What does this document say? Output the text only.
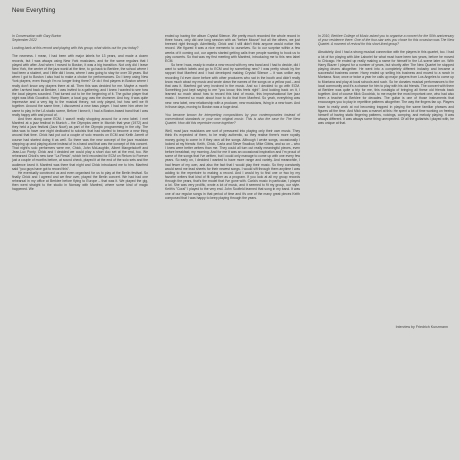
New Everything

In Conversation with Gary Burton

September 2022

Looking back at this record and playing with this group, what sticks out for you today?

The newness. I mean, I had been with major labels for 13 years, and made a dozen records, but I was always using New York musicians, and for the same regulars that I played with after. And when I moved to Boston, it was a big transition. Not only did I leave New York, the center of the jazz world at the time, to go back to Berklee, the school where I had been a student, and I little did I know, where I was going to stay for over 30 years. But when I got to Boston I also had to make a choice for performances. Do I keep using New York players, even though I'm no longer living there? Or do I find players in Boston where I really don't know any players there at all. Then this was decided for me. Maybe a month after I arrived back at Berklee, I was invited to a gathering, and I knew I wanted to see how the local players sounded. That turned out to be the beginning of it. The guitar player that night was Mick Goodrick. Harry Blazer, a local guy, was the drummer. And boy, it was quite impressive and a very big to the musical theory, not only played, but how well we fit together. Around the same time, I discovered a new bass player. I had seen him when he came to play in the LA studio scene, Before I knew it, I had a Boston-based band that I was really happy with and proud of.

And then along came ECM. I wasn't really shopping around for a new label. I met Manfred at a jazz festival in Munich – the Olympics were in Munich that year (1972) and they held a jazz festival (Jazz Now!) as part of the Olympic programming in the city. The idea was to have one night dedicated to soloists that had started to become a new thing around that time. Chick had put out a couple of solo records on ECM and Keith Jarrett of course had started doing it as well. So there was the new concept of the jazz musician stepping up and playing alone instead of in a band and that was the concept of this concert. That night's solo performers were me, Chick, John McLaughlin, Albert Mangelsdorff and Jean-Luc Ponty. Chick and I decided we could play a short duo set at the end, too. We rehearsed Chick's new tune "La Fiesta", which he'd recorded for ECM on Return to Forever just a couple of months before, at sound check, played it at the end of the solo sets and the audience loved it. Manfred was there that night and Chick introduced me to him. Manfred said "you guys have got to record this".

He eventually convinced us and even organised for us to play at the Berlin festival. So finally Chick and I agreed and we flew over, played the Berlin concert. We had had one rehearsal in my office at Berklee before flying to Europe – that was it. We played the gig, then went straight to the studio in Norway with Manfred, where some kind of magic happened. We

ended up having the album Crystal Silence. We pretty much recorded the whole record in three hours, only did one long session with as "before Mouse" but all the others, we just breezed right through. Admittedly, Chick and I still didn't think anyone would notice this record. We figured it was a nice memento to ourselves. So to our surprise within a few weeks of it coming out, our agents started getting calls from people wanting to book us to play concerts. So that was my first meeting with Manfred, introducing me to this new label ECM.

So here I was, ready to make a new record with my new band and I had to decide, did I want to switch labels and go to ECM and try something new? I was pretty struck by the rapport that Manfred and I had developed making Crystal Silence – it was unlike any recording I'd ever done before with other producers who sat in the booth and didn't really know much about my music and wrote down the names of the songs on a yellow pad – and that was it. Manfred got very involved in the music. And so I decided to go with ECM. Something just kept saying to me "you know, this feels right". And looking back on it, I learned so much about how to record this kind of music, this improvisational live jazz music. I learned so much about how to do that from Manfred. So yeah, everything was new: new label, new relationship with a producer, new musicians, living in a new town. And in those days, moving to Boston was a huge deal.

You became known for interpreting compositions by your contemporaries instead of conventional standards or your own original music. This is also the case for The New Quartet. How did this repertoire come together?

Well, most jazz musicians are sort of pressured into playing only their own music. They think it's expected of them, to be really authentic, so they realise there's more royalty money going to come in if they own all the songs. Although I wrote songs, occasionally I looked at my friends: Keith, Chick, Carla and Steve Swallow, Mike Gibbs, and so on – who I knew were better writers than me. They could all turn out really meaningful pieces, even before breakfast, my morning. And for me it was an occasional inspiration and I'm proud of some of the songs that I've written, but I could only manage to come up with one every few years. So early on, I decided I wanted to have more range and variety. And meanwhile, I had fewer of my own, and also the fact that I would play their music. So they constantly would send me lead sheets for their newest songs. I would sift through them anytime I was adding to the repertoire to making a record. And I would try to find one or two by my favorite writers that kind of fit together as a program. If you look at all my group records through the years, that's the model that I've gone with. Carla's music in particular, I played a lot. She was very prolific, wrote a lot of music, and it seemed to fit my group, our style. Keith's "Coral" I played to the very end. John Scofield learned that song in my band. It was one of our regular songs in that period of time and it's one of the many great pieces Keith composed that I was happy to keep playing through the years.

In 2010, Berklee College of Music asked you to organise a concert for the 50th anniversary of your residence there. One of the four-star sets you chose for this occasion was The New Quartet. A moment of revival for this short-lived group?

Absolutely. And I had a strong musical connection with the players in this quartet, too. I had a lot of fun playing with Abe Laboriel for what must have been two years, before he moved to Chicago. He ended up really making a name for himself in the LA scene later on. With Harry Blazer I played for a number of years, but shortly after The New Quartet he stopped playing drums altogether. He went into a completely different industry and became a successful business owner. Harry ended up selling his business and moved to a ranch in Montana. Now, once or twice a year he calls up major players from Los Angeles to come up to Montana and play at local schools and such. So he donates musical performances to the local community and it's a chance for him to play with his old friends. The concert with them at Berklee was quite a trip for me, this nostalgia of bringing all these old friends back together. And of course Mick Goodrick, to me maybe the most important one, who had also been a teacher at Berklee for decades. The guitar is one of those instruments that encourages you to play in repetitive patterns altogether. The way the fingers fan up. Players have to really work at not becoming trapped in playing the same familiar phrases and figures all the time. And Mick was a marvel at this: He spent a lot of time working on freeing himself of having static fingering patterns, voicings, comping, and melody playing. It was always different. It was always some thing unexpected. Of all the guitarists I played with, he was unique at that.

Interview by Friedrich Kunzmann
